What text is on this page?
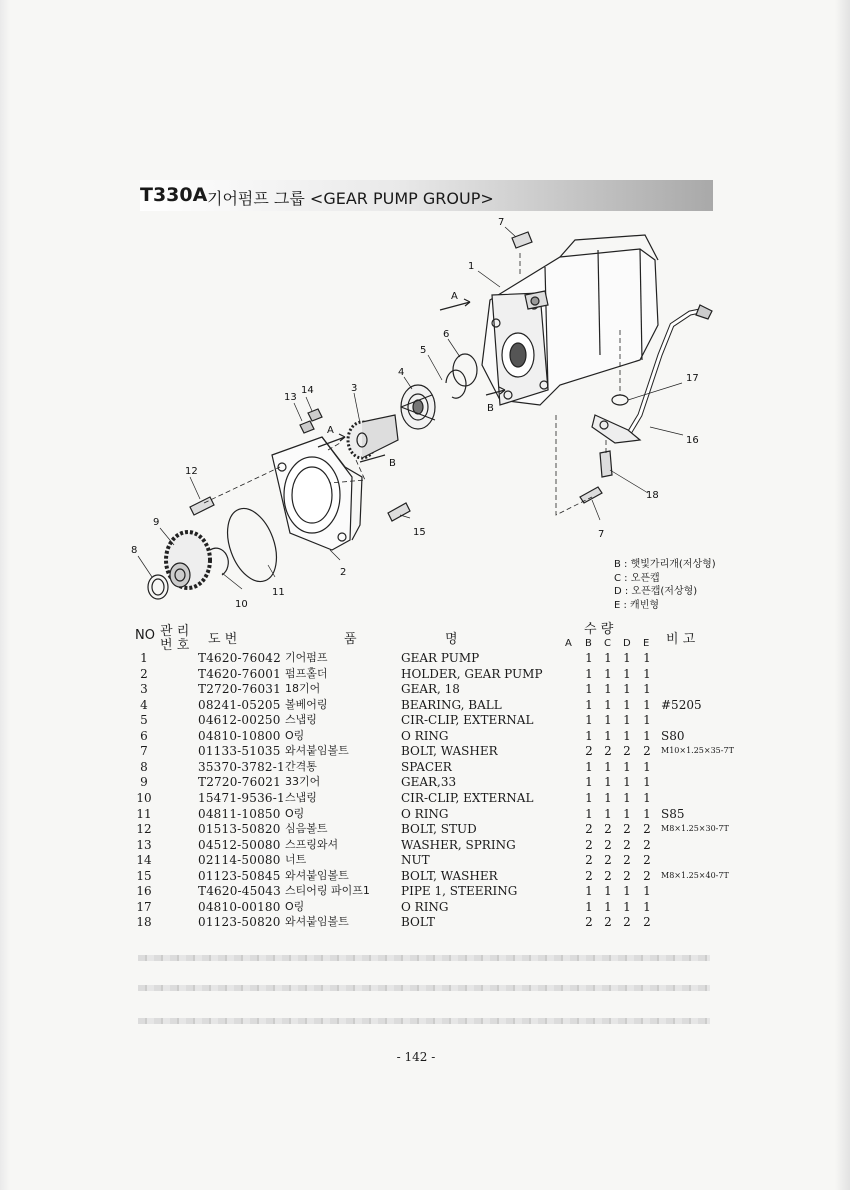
T330A 기어펌프 그룹 <GEAR PUMP GROUP>
7
1
A
6
5
4
3
14
13
A
B
12
9
8
10
11
2
15
B
17
16
18
7
B : 햇빛가리개(저상형)
C : 오픈캡
D : 오픈캡(저상형)
E : 캐빈형
NO 관 리
번 호 도 번	품	명
수 량
A B C D E 비 고
1	T4620-76042 기어펌프	GEAR PUMP	1 1 1 1
2	T4620-76001 펌프홀더	HOLDER, GEAR PUMP	1 1 1 1
3	T2720-76031 18기어	GEAR, 18	1 1 1 1
4	08241-05205 볼베어링	BEARING, BALL	1 1 1 1 #5205
5	04612-00250 스냅링	CIR-CLIP, EXTERNAL	1 1 1 1
6	04810-10800 O링	O RING	1 1 1 1 S80
7	01133-51035 와셔붙임볼트	BOLT, WASHER	2 2 2 2	M10×1.25×35-7T
8	35370-3782-1 간격통	SPACER	1 1 1 1
9	T2720-76021 33기어	GEAR,33	1 1 1 1
10	15471-9536-1 스냅링	CIR-CLIP, EXTERNAL	1 1 1 1
11	04811-10850 O링	O RING	1 1 1 1 S85
12	01513-50820 심음볼트	BOLT, STUD	2 2 2 2	M8×1.25×30-7T
13	04512-50080 스프링와셔	WASHER, SPRING	2 2 2 2
14	02114-50080 너트	NUT	2 2 2 2
15	01123-50845 와셔붙임볼트	BOLT, WASHER	2 2 2 2	M8×1.25×40-7T
16	T4620-45043 스티어링 파이프1	PIPE 1, STEERING	1 1 1 1
17	04810-00180 O링	O RING	1 1 1 1
18	01123-50820 와셔붙임볼트	BOLT	2 2 2 2
- 142 -
